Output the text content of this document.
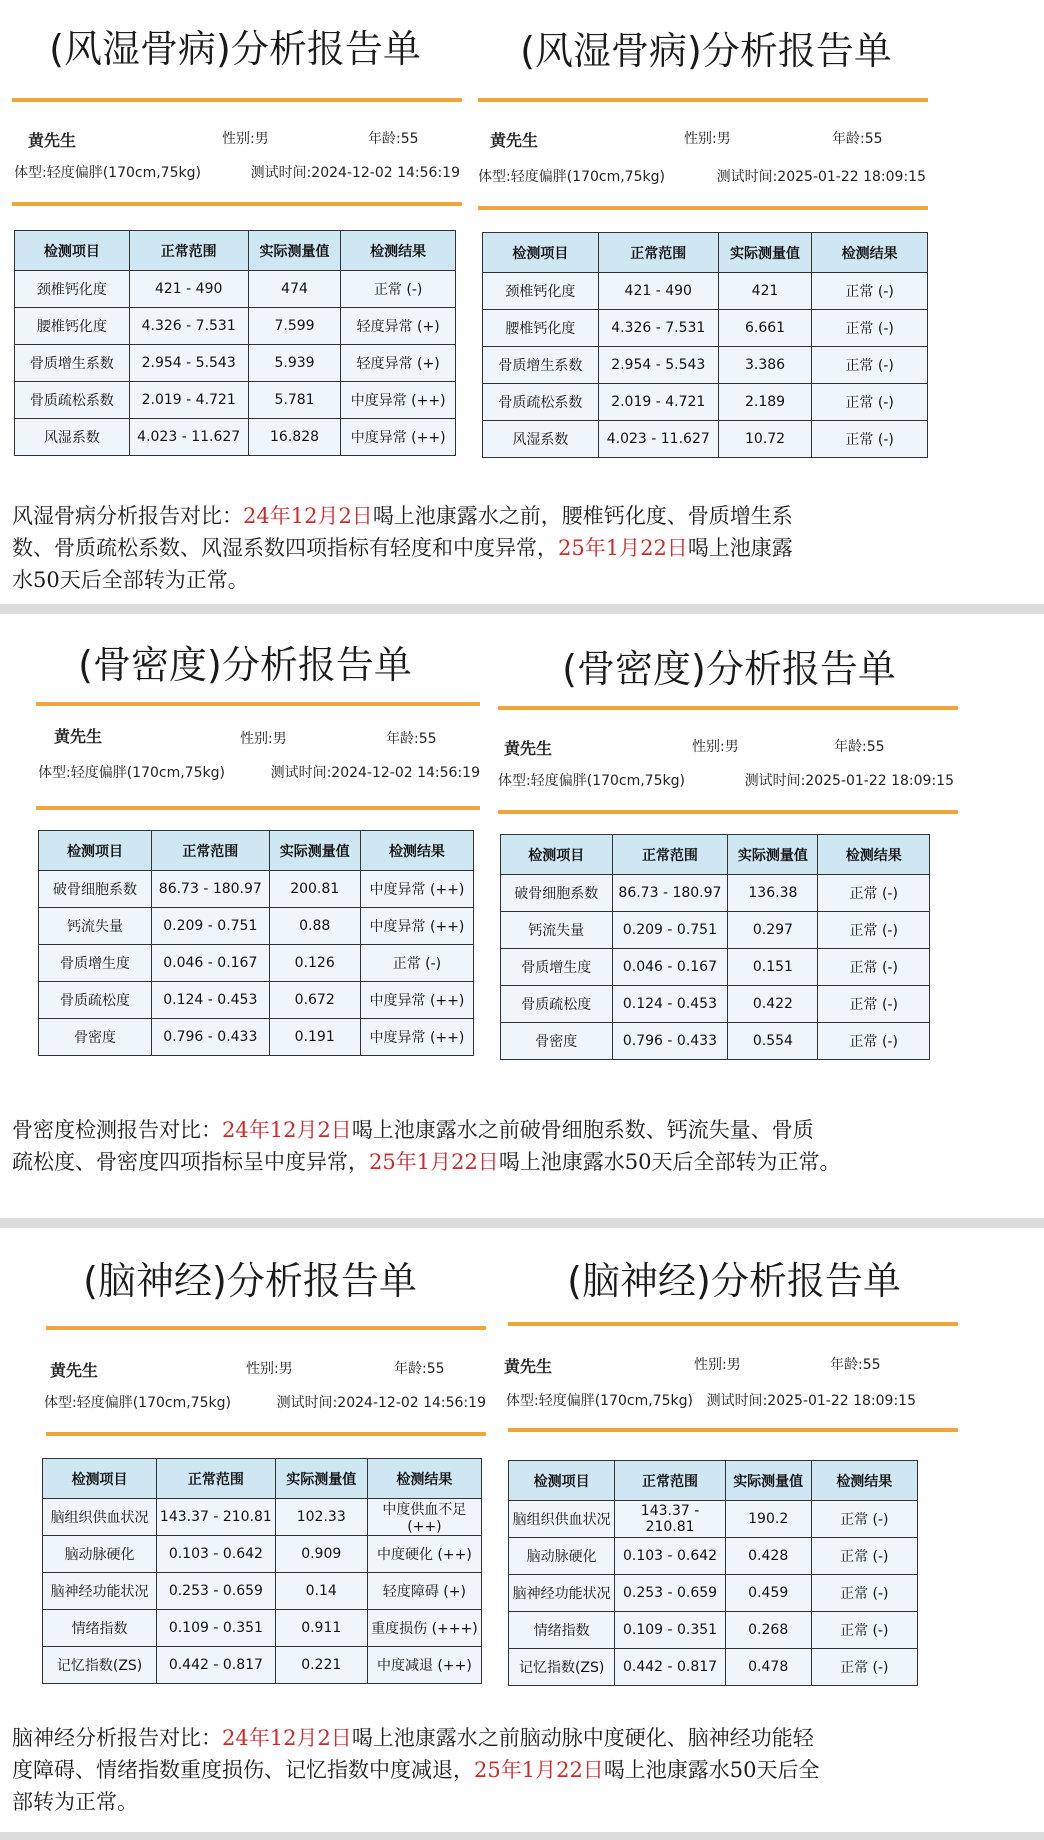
(风湿骨病)分析报告单
黄先生	性别:男	年龄:55
体型:轻度偏胖(170cm,75kg)	测试时间:2024-12-02 14:56:19
检测项目	正常范围	实际测量值	检测结果
颈椎钙化度	421 - 490	474	正常 (-)
腰椎钙化度	4.326 - 7.531	7.599	轻度异常 (+)
骨质增生系数	2.954 - 5.543	5.939	轻度异常 (+)
骨质疏松系数	2.019 - 4.721	5.781	中度异常 (++)
风湿系数	4.023 - 11.627	16.828	中度异常 (++)
(风湿骨病)分析报告单
黄先生	性别:男	年龄:55
体型:轻度偏胖(170cm,75kg)	测试时间:2025-01-22 18:09:15
检测项目	正常范围	实际测量值	检测结果
颈椎钙化度	421 - 490	421	正常 (-)
腰椎钙化度	4.326 - 7.531	6.661	正常 (-)
骨质增生系数	2.954 - 5.543	3.386	正常 (-)
骨质疏松系数	2.019 - 4.721	2.189	正常 (-)
风湿系数	4.023 - 11.627	10.72	正常 (-)
风湿骨病分析报告对比：24年12月2日喝上池康露水之前，腰椎钙化度、骨质增生系
数、骨质疏松系数、风湿系数四项指标有轻度和中度异常，25年1月22日喝上池康露
水50天后全部转为正常。
(骨密度)分析报告单
黄先生	性别:男	年龄:55
体型:轻度偏胖(170cm,75kg)	测试时间:2024-12-02 14:56:19
检测项目	正常范围	实际测量值	检测结果
破骨细胞系数	86.73 - 180.97	200.81	中度异常 (++)
钙流失量	0.209 - 0.751	0.88	中度异常 (++)
骨质增生度	0.046 - 0.167	0.126	正常 (-)
骨质疏松度	0.124 - 0.453	0.672	中度异常 (++)
骨密度	0.796 - 0.433	0.191	中度异常 (++)
(骨密度)分析报告单
黄先生	性别:男	年龄:55
体型:轻度偏胖(170cm,75kg)	测试时间:2025-01-22 18:09:15
检测项目	正常范围	实际测量值	检测结果
破骨细胞系数	86.73 - 180.97	136.38	正常 (-)
钙流失量	0.209 - 0.751	0.297	正常 (-)
骨质增生度	0.046 - 0.167	0.151	正常 (-)
骨质疏松度	0.124 - 0.453	0.422	正常 (-)
骨密度	0.796 - 0.433	0.554	正常 (-)
骨密度检测报告对比：24年12月2日喝上池康露水之前破骨细胞系数、钙流失量、骨质
疏松度、骨密度四项指标呈中度异常，25年1月22日喝上池康露水50天后全部转为正常。
(脑神经)分析报告单
黄先生	性别:男	年龄:55
体型:轻度偏胖(170cm,75kg)	测试时间:2024-12-02 14:56:19
检测项目	正常范围	实际测量值	检测结果
脑组织供血状况	143.37 - 210.81	102.33	中度供血不足 (++)
脑动脉硬化	0.103 - 0.642	0.909	中度硬化 (++)
脑神经功能状况	0.253 - 0.659	0.14	轻度障碍 (+)
情绪指数	0.109 - 0.351	0.911	重度损伤 (+++)
记忆指数(ZS)	0.442 - 0.817	0.221	中度减退 (++)
(脑神经)分析报告单
黄先生	性别:男	年龄:55
体型:轻度偏胖(170cm,75kg) 测试时间:2025-01-22 18:09:15
检测项目	正常范围	实际测量值	检测结果
脑组织供血状况	143.37 - 210.81	190.2	正常 (-)
脑动脉硬化	0.103 - 0.642	0.428	正常 (-)
脑神经功能状况	0.253 - 0.659	0.459	正常 (-)
情绪指数	0.109 - 0.351	0.268	正常 (-)
记忆指数(ZS)	0.442 - 0.817	0.478	正常 (-)
脑神经分析报告对比：24年12月2日喝上池康露水之前脑动脉中度硬化、脑神经功能轻
度障碍、情绪指数重度损伤、记忆指数中度减退，25年1月22日喝上池康露水50天后全
部转为正常。
